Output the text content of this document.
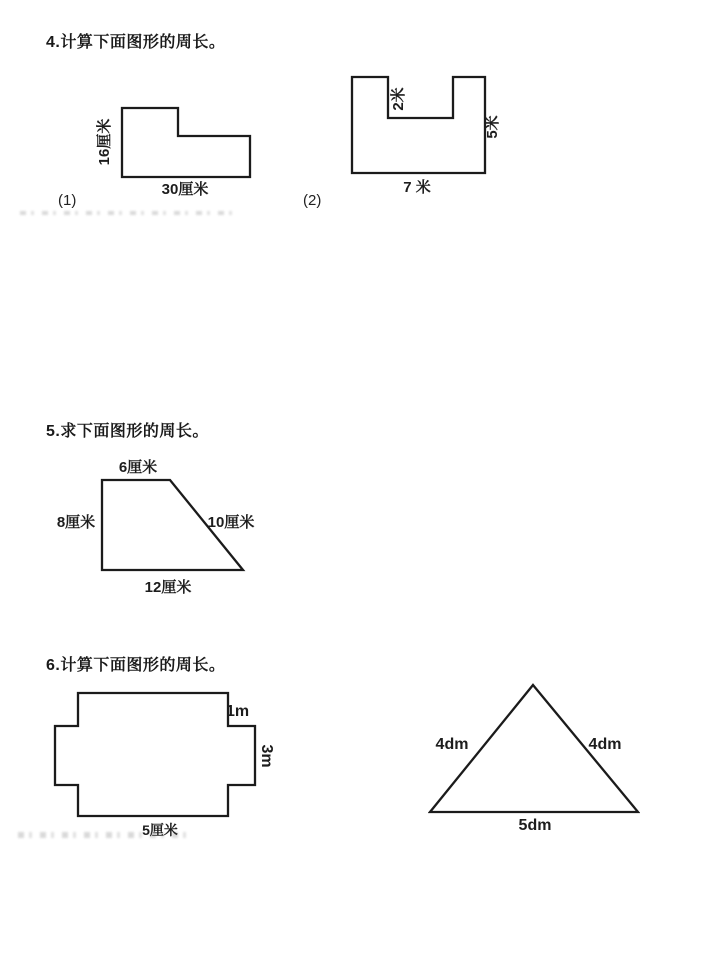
4.计算下面图形的周长。
16厘米
30厘米
(1)
2米
5米
7 米
(2)
5.求下面图形的周长。
6厘米
8厘米	10厘米
12厘米
6.计算下面图形的周长。
1m
3m
5厘米
4dm	4dm
5dm
